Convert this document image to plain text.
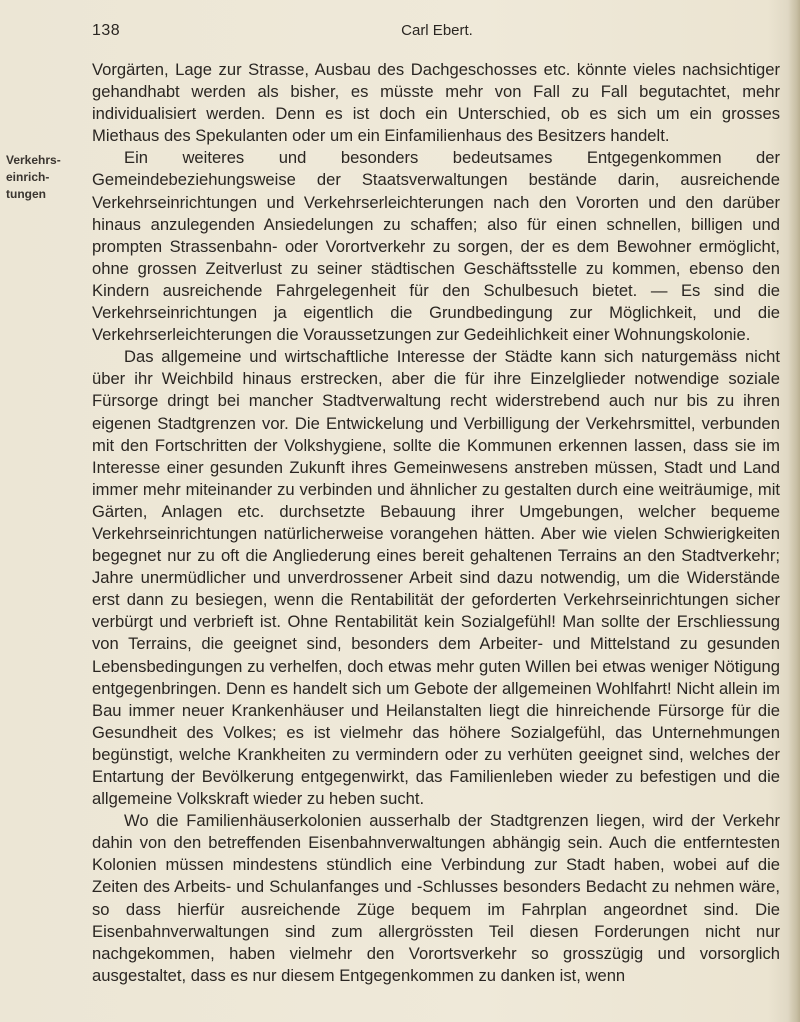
138	Carl Ebert.
Verkehrs-
einrich-
tungen

Vorgärten, Lage zur Strasse, Ausbau des Dachgeschosses etc. könnte vieles nachsichtiger gehandhabt werden als bisher, es müsste mehr von Fall zu Fall begutachtet, mehr individualisiert werden. Denn es ist doch ein Unterschied, ob es sich um ein grosses Miethaus des Spekulanten oder um ein Einfamilienhaus des Besitzers handelt.

Ein weiteres und besonders bedeutsames Entgegenkommen der Gemeindebeziehungsweise der Staatsverwaltungen bestände darin, ausreichende Verkehrseinrichtungen und Verkehrserleichterungen nach den Vororten und den darüber hinaus anzulegenden Ansiedelungen zu schaffen; also für einen schnellen, billigen und prompten Strassenbahn- oder Vorortverkehr zu sorgen, der es dem Bewohner ermöglicht, ohne grossen Zeitverlust zu seiner städtischen Geschäftsstelle zu kommen, ebenso den Kindern ausreichende Fahrgelegenheit für den Schulbesuch bietet. — Es sind die Verkehrseinrichtungen ja eigentlich die Grundbedingung zur Möglichkeit, und die Verkehrserleichterungen die Voraussetzungen zur Gedeihlichkeit einer Wohnungskolonie.

Das allgemeine und wirtschaftliche Interesse der Städte kann sich naturgemäss nicht über ihr Weichbild hinaus erstrecken, aber die für ihre Einzelglieder notwendige soziale Fürsorge dringt bei mancher Stadtverwaltung recht widerstrebend auch nur bis zu ihren eigenen Stadtgrenzen vor. Die Entwickelung und Verbilligung der Verkehrsmittel, verbunden mit den Fortschritten der Volkshygiene, sollte die Kommunen erkennen lassen, dass sie im Interesse einer gesunden Zukunft ihres Gemeinwesens anstreben müssen, Stadt und Land immer mehr miteinander zu verbinden und ähnlicher zu gestalten durch eine weiträumige, mit Gärten, Anlagen etc. durchsetzte Bebauung ihrer Umgebungen, welcher bequeme Verkehrseinrichtungen natürlicherweise vorangehen hätten. Aber wie vielen Schwierigkeiten begegnet nur zu oft die Angliederung eines bereit gehaltenen Terrains an den Stadtverkehr; Jahre unermüdlicher und unverdrossener Arbeit sind dazu notwendig, um die Widerstände erst dann zu besiegen, wenn die Rentabilität der geforderten Verkehrseinrichtungen sicher verbürgt und verbrieft ist. Ohne Rentabilität kein Sozialgefühl! Man sollte der Erschliessung von Terrains, die geeignet sind, besonders dem Arbeiter- und Mittelstand zu gesunden Lebensbedingungen zu verhelfen, doch etwas mehr guten Willen bei etwas weniger Nötigung entgegenbringen. Denn es handelt sich um Gebote der allgemeinen Wohlfahrt! Nicht allein im Bau immer neuer Krankenhäuser und Heilanstalten liegt die hinreichende Fürsorge für die Gesundheit des Volkes; es ist vielmehr das höhere Sozialgefühl, das Unternehmungen begünstigt, welche Krankheiten zu vermindern oder zu verhüten geeignet sind, welches der Entartung der Bevölkerung entgegenwirkt, das Familienleben wieder zu befestigen und die allgemeine Volkskraft wieder zu heben sucht.

Wo die Familienhäuserkolonien ausserhalb der Stadtgrenzen liegen, wird der Verkehr dahin von den betreffenden Eisenbahnverwaltungen abhängig sein. Auch die entferntesten Kolonien müssen mindestens stündlich eine Verbindung zur Stadt haben, wobei auf die Zeiten des Arbeits- und Schulanfanges und -Schlusses besonders Bedacht zu nehmen wäre, so dass hierfür ausreichende Züge bequem im Fahrplan angeordnet sind. Die Eisenbahnverwaltungen sind zum allergrössten Teil diesen Forderungen nicht nur nachgekommen, haben vielmehr den Vorortsverkehr so grosszügig und vorsorglich ausgestaltet, dass es nur diesem Entgegenkommen zu danken ist, wenn
